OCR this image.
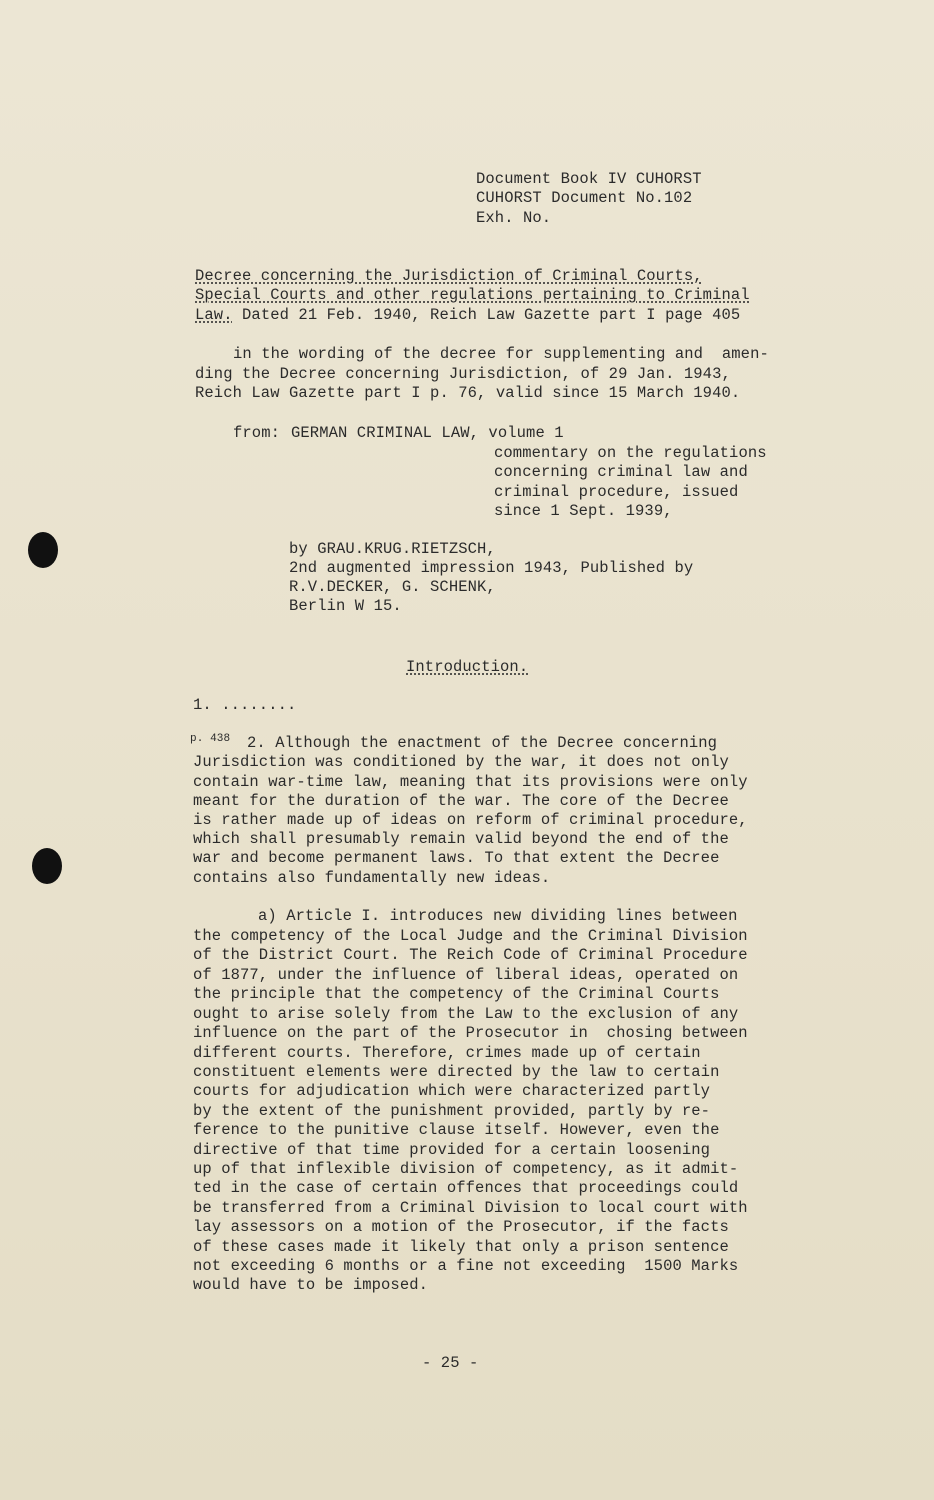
Document Book IV CUHORST
CUHORST Document No.102
Exh. No.
Decree concerning the Jurisdiction of Criminal Courts,
Special Courts and other regulations pertaining to Criminal
Law. Dated 21 Feb. 1940, Reich Law Gazette part I page 405
in the wording of the decree for supplementing and  amen-
ding the Decree concerning Jurisdiction, of 29 Jan. 1943,
Reich Law Gazette part I p. 76, valid since 15 March 1940.
from: GERMAN CRIMINAL LAW, volume 1
commentary on the regulations
concerning criminal law and
criminal procedure, issued
since 1 Sept. 1939,
by GRAU.KRUG.RIETZSCH,
2nd augmented impression 1943, Published by
R.V.DECKER, G. SCHENK,
Berlin W 15.
Introduction.
1. ........
p. 438 2. Although the enactment of the Decree concerning
Jurisdiction was conditioned by the war, it does not only
contain war-time law, meaning that its provisions were only
meant for the duration of the war. The core of the Decree
is rather made up of ideas on reform of criminal procedure,
which shall presumably remain valid beyond the end of the
war and become permanent laws. To that extent the Decree
contains also fundamentally new ideas.
a) Article I. introduces new dividing lines between
the competency of the Local Judge and the Criminal Division
of the District Court. The Reich Code of Criminal Procedure
of 1877, under the influence of liberal ideas, operated on
the principle that the competency of the Criminal Courts
ought to arise solely from the Law to the exclusion of any
influence on the part of the Prosecutor in  chosing between
different courts. Therefore, crimes made up of certain
constituent elements were directed by the law to certain
courts for adjudication which were characterized partly
by the extent of the punishment provided, partly by re-
ference to the punitive clause itself. However, even the
directive of that time provided for a certain loosening
up of that inflexible division of competency, as it admit-
ted in the case of certain offences that proceedings could
be transferred from a Criminal Division to local court with
lay assessors on a motion of the Prosecutor, if the facts
of these cases made it likely that only a prison sentence
not exceeding 6 months or a fine not exceeding  1500 Marks
would have to be imposed.
- 25 -
